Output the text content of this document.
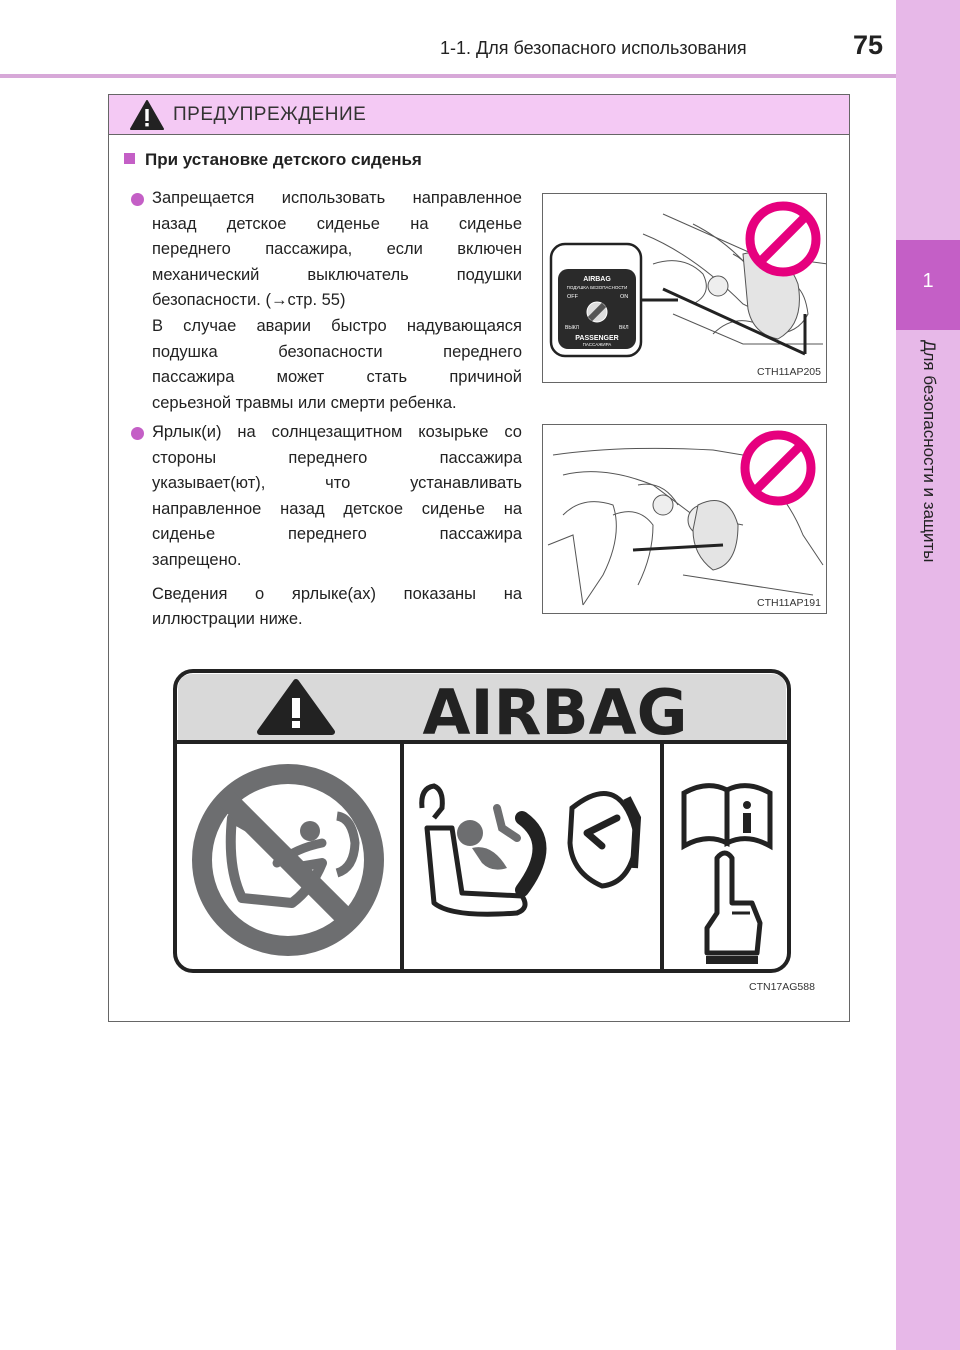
1-1. Для безопасного использования	75
1
Для безопасности и защиты
ПРЕДУПРЕЖДЕНИЕ
При установке детского сиденья
Запрещается использовать направленное
назад детское сиденье на сиденье
переднего пассажира, если включен
механический выключатель подушки
безопасности. (→стр. 55)
В случае аварии быстро надувающаяся
подушка безопасности переднего
пассажира может стать причиной
серьезной травмы или смерти ребенка.
AIRBAG
ПОДУШКА БЕЗОПАСНОСТИ
OFF	ON
ВЫКЛ	ВКЛ
PASSENGER
ПАССАЖИРА
CTH11AP205
Ярлык(и) на солнцезащитном козырьке со
стороны переднего пассажира
указывает(ют), что устанавливать
направленное назад детское сиденье на
сиденье переднего пассажира
запрещено.
Сведения о ярлыке(ах) показаны на
иллюстрации ниже.
CTH11AP191
AIRBAG
CTN17AG588
